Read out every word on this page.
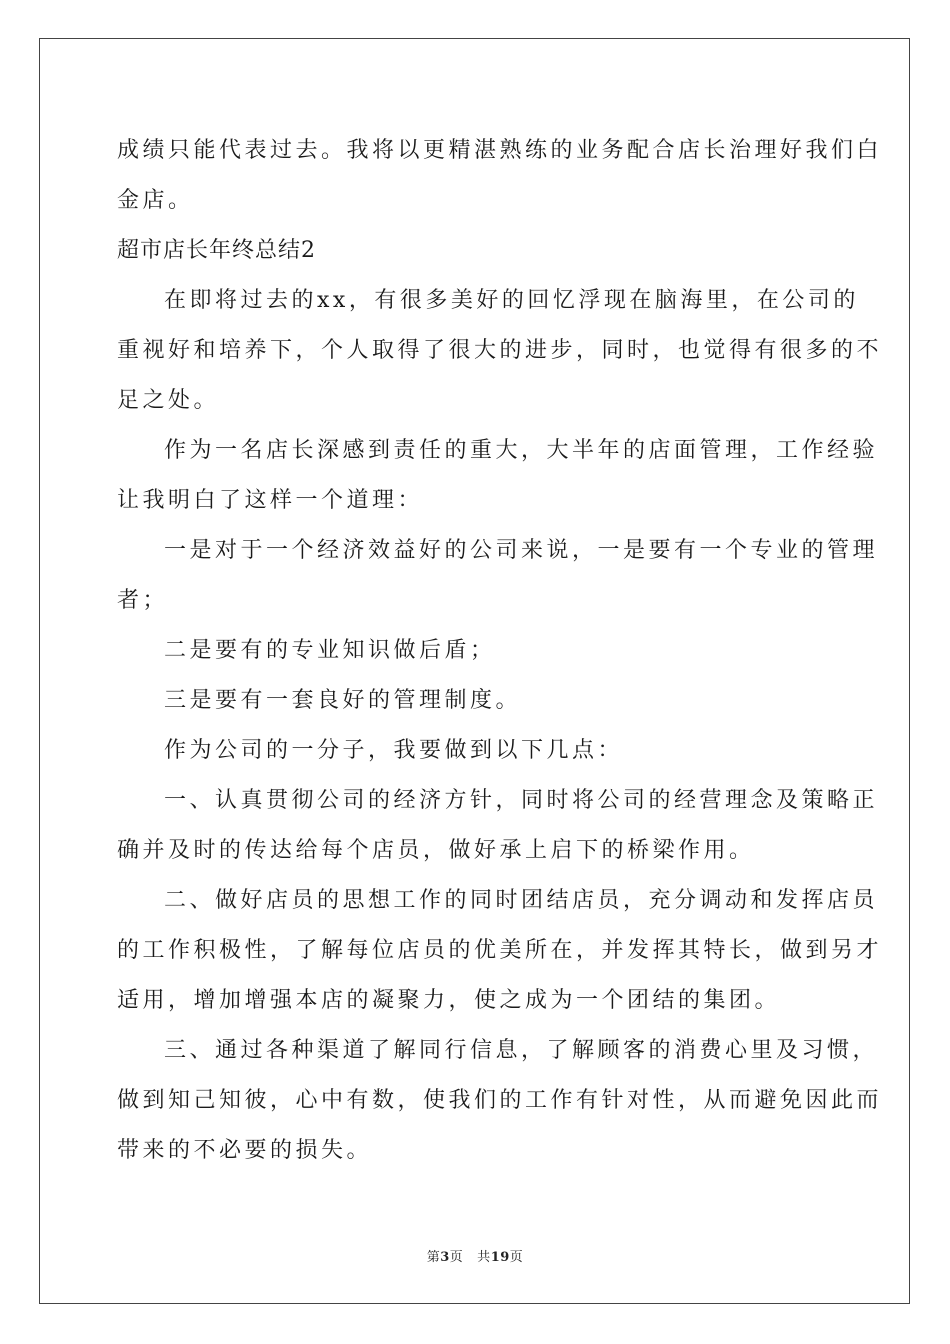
成绩只能代表过去。我将以更精湛熟练的业务配合店长治理好我们白
金店。
超市店长年终总结2
在即将过去的xx，有很多美好的回忆浮现在脑海里，在公司的
重视好和培养下，个人取得了很大的进步，同时，也觉得有很多的不
足之处。
作为一名店长深感到责任的重大，大半年的店面管理，工作经验
让我明白了这样一个道理：
一是对于一个经济效益好的公司来说，一是要有一个专业的管理
者；
二是要有的专业知识做后盾；
三是要有一套良好的管理制度。
作为公司的一分子，我要做到以下几点：
一、认真贯彻公司的经济方针，同时将公司的经营理念及策略正
确并及时的传达给每个店员，做好承上启下的桥梁作用。
二、做好店员的思想工作的同时团结店员，充分调动和发挥店员
的工作积极性，了解每位店员的优美所在，并发挥其特长，做到另才
适用，增加增强本店的凝聚力，使之成为一个团结的集团。
三、通过各种渠道了解同行信息，了解顾客的消费心里及习惯，
做到知己知彼，心中有数，使我们的工作有针对性，从而避免因此而
带来的不必要的损失。
第3页 共19页
